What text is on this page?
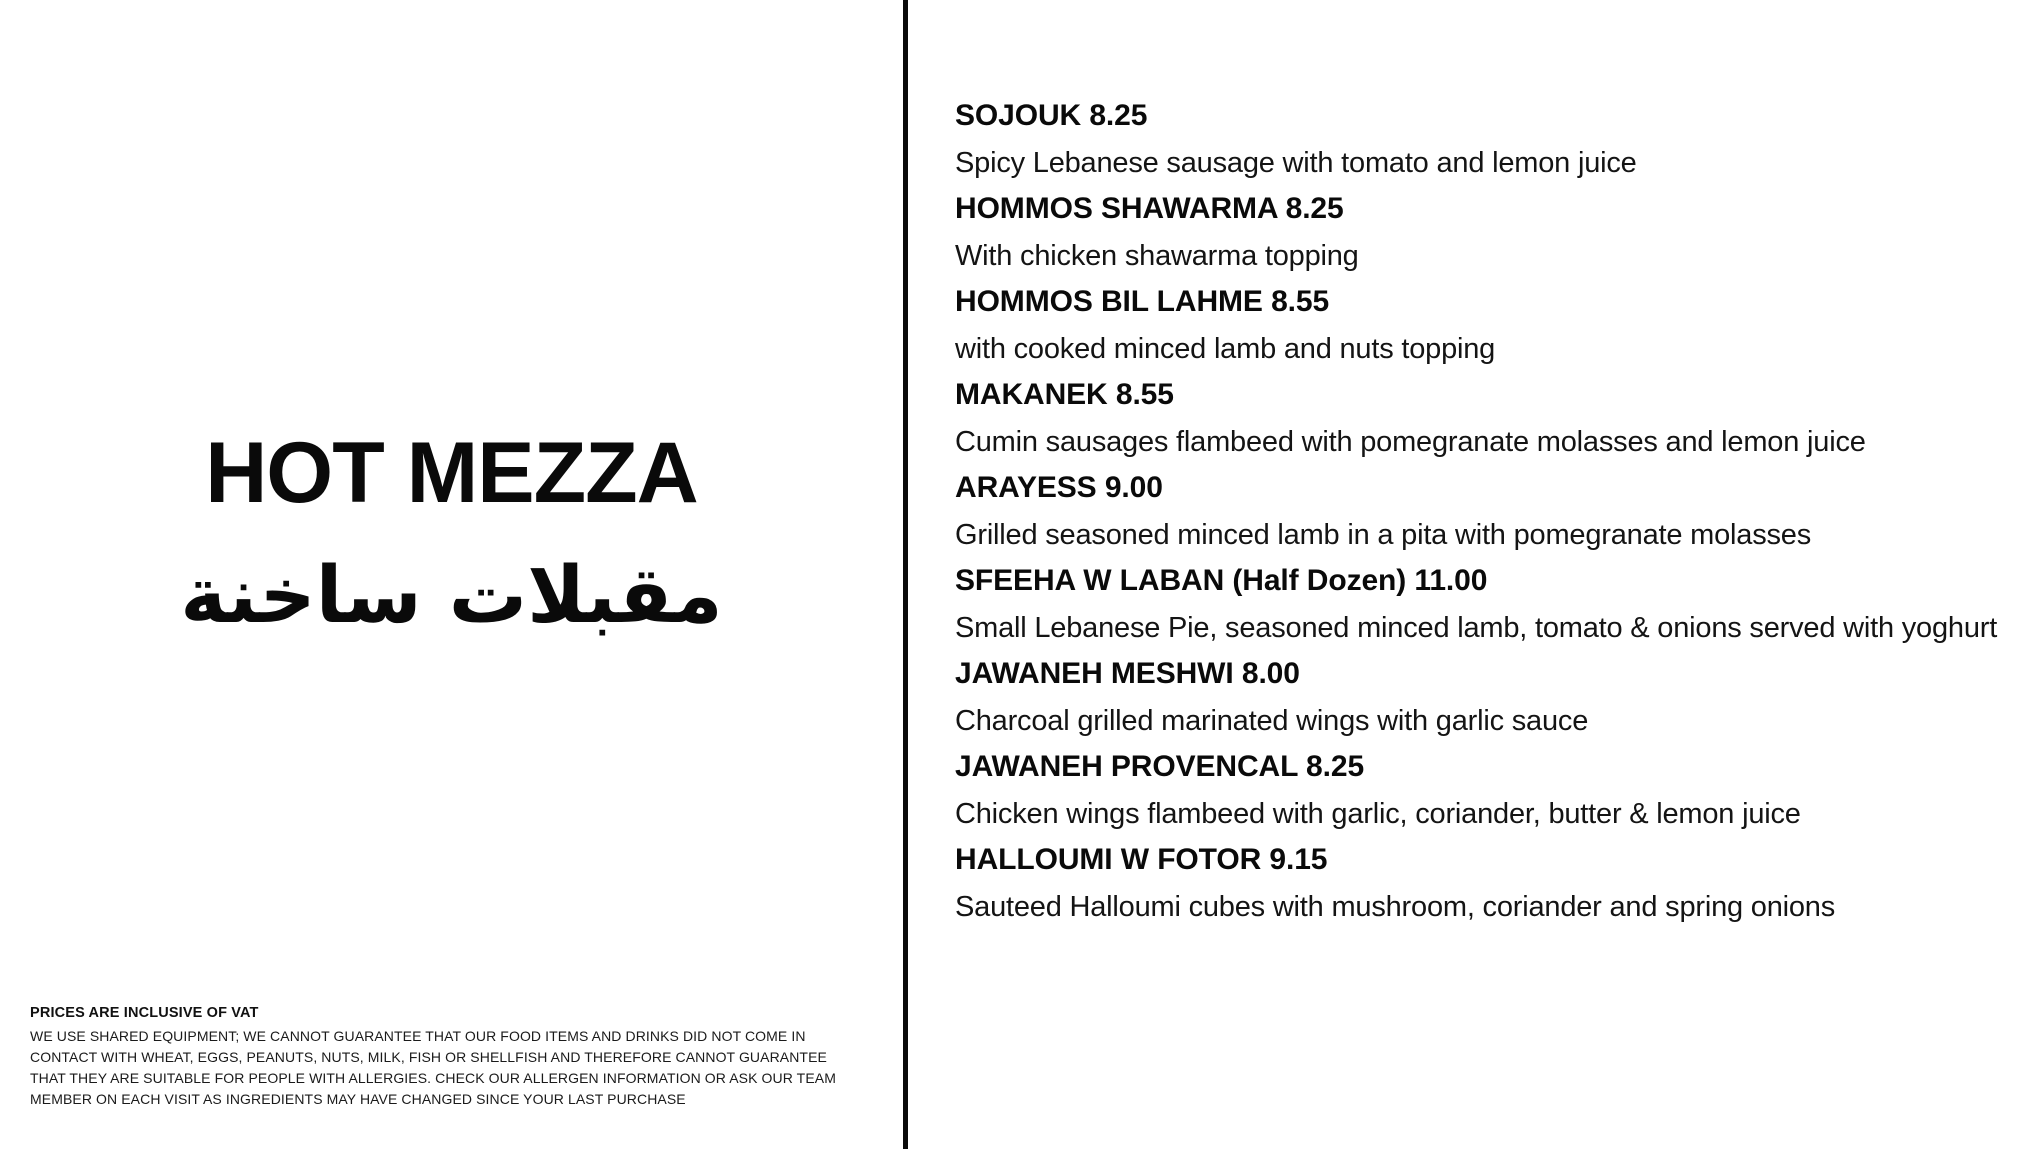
HOT MEZZA
مقبلات ساخنة
PRICES ARE INCLUSIVE OF VAT
WE USE SHARED EQUIPMENT; WE CANNOT GUARANTEE THAT OUR FOOD ITEMS AND DRINKS DID NOT COME IN CONTACT WITH WHEAT, EGGS, PEANUTS, NUTS, MILK, FISH OR SHELLFISH AND THEREFORE CANNOT GUARANTEE THAT THEY ARE SUITABLE FOR PEOPLE WITH ALLERGIES. CHECK OUR ALLERGEN INFORMATION OR ASK OUR TEAM MEMBER ON EACH VISIT AS INGREDIENTS MAY HAVE CHANGED SINCE YOUR LAST PURCHASE
SOJOUK 8.25
Spicy Lebanese sausage with tomato and lemon juice
HOMMOS SHAWARMA 8.25
With chicken shawarma topping
HOMMOS BIL LAHME 8.55
with cooked minced lamb and nuts topping
MAKANEK 8.55
Cumin sausages flambeed with pomegranate molasses and lemon juice
ARAYESS 9.00
Grilled seasoned minced lamb in a pita with pomegranate molasses
SFEEHA W LABAN (Half Dozen) 11.00
Small Lebanese Pie, seasoned minced lamb, tomato & onions served with yoghurt
JAWANEH MESHWI 8.00
Charcoal grilled marinated wings with garlic sauce
JAWANEH PROVENCAL 8.25
Chicken wings flambeed with garlic, coriander, butter & lemon juice
HALLOUMI W FOTOR 9.15
Sauteed Halloumi cubes with mushroom, coriander and spring onions
